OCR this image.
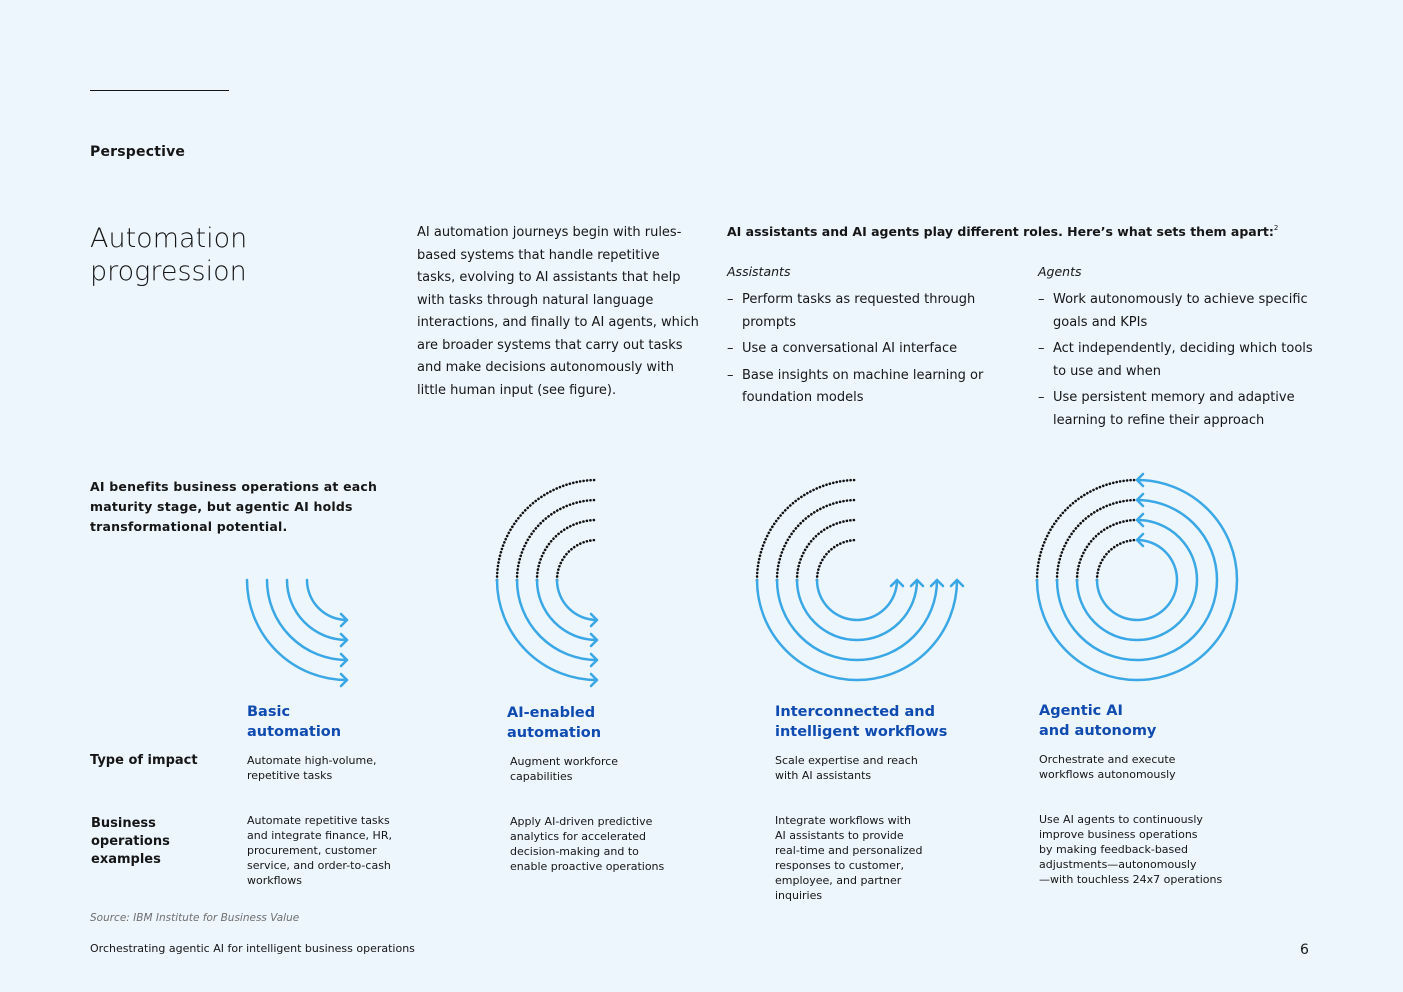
Perspective
Automation
progression
AI automation journeys begin with rules-based systems that handle repetitive tasks, evolving to AI assistants that help with tasks through natural language interactions, and finally to AI agents, which are broader systems that carry out tasks and make decisions autonomously with little human input (see figure).
AI assistants and AI agents play different roles. Here’s what sets them apart:$^2$
Assistants
– Perform tasks as requested through prompts
– Use a conversational AI interface
– Base insights on machine learning or foundation models
Agents
– Work autonomously to achieve specific goals and KPIs
– Act independently, deciding which tools to use and when
– Use persistent memory and adaptive learning to refine their approach
AI benefits business operations at each maturity stage, but agentic AI holds transformational potential.
Basic
automation
AI-enabled
automation
Interconnected and
intelligent workflows
Agentic AI
and autonomy
Type of impact
Business
operations
examples
Automate high-volume,
repetitive tasks
Augment workforce
capabilities
Scale expertise and reach
with AI assistants
Orchestrate and execute
workflows autonomously
Automate repetitive tasks
and integrate finance, HR,
procurement, customer
service, and order-to-cash
workflows
Apply AI-driven predictive
analytics for accelerated
decision-making and to
enable proactive operations
Integrate workflows with
AI assistants to provide
real-time and personalized
responses to customer,
employee, and partner
inquiries
Use AI agents to continuously
improve business operations
by making feedback-based
adjustments—autonomously
—with touchless 24x7 operations
Source: IBM Institute for Business Value
Orchestrating agentic AI for intelligent business operations	6
